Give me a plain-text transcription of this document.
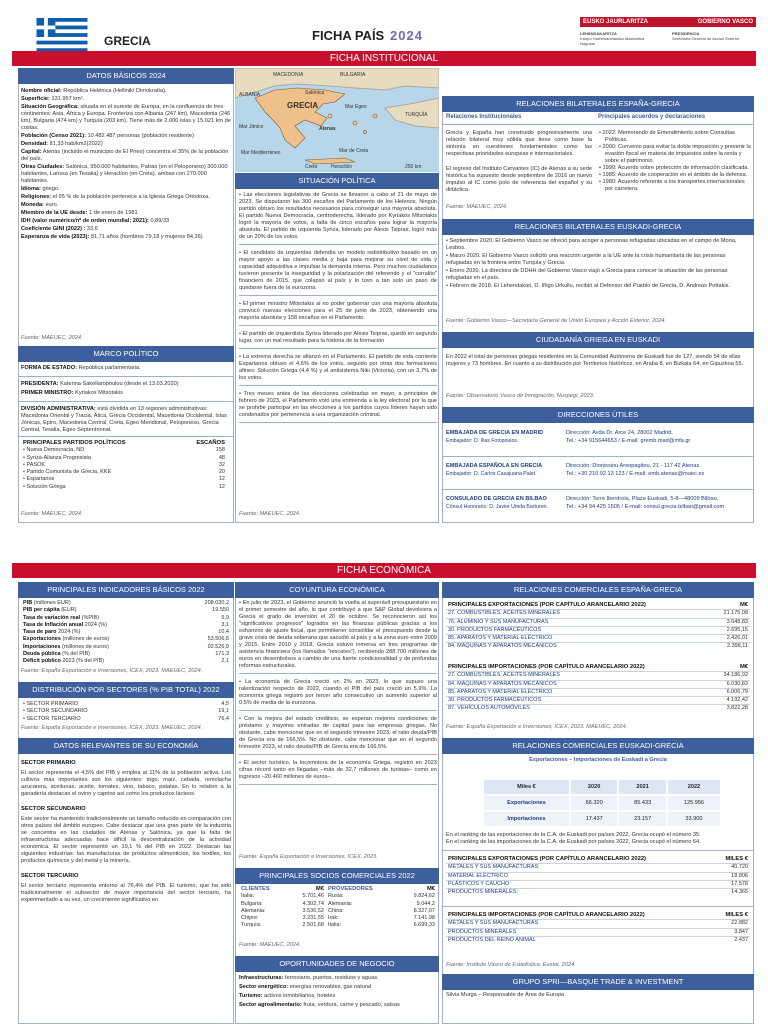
GRECIA	FICHA PAÍS 2024
EUSKO JAURLARITZA	GOBIERNO VASCO
LEHENDAKARITZA
Kanpo Harremanetarako Idazkaritza Nagusia
PRESIDENCIA
Secretaría General de Acción Exterior
FICHA INSTITUCIONAL
DATOS BÁSICOS 2024
Nombre oficial: República Helénica (Hellinikí Dimokratía).
Superficie: 131.957 km².
Situación Geográfica: situada en el sureste de Europa, en la confluencia de tres continentes: Asia, África y Europa. Fronteriza con Albania (247 km), Macedonia (246 km), Bulgaria (474 km) y Turquía (203 km). Tiene más de 2.000 islas y 15.021 km de costas.
Población (Censo 2021): 10.482.487 personas (población residente)
Densidad: 81,33 hab/km2(2022)
Capital: Atenas (incluido el municipio de El Pireo) concentra el 35% de la población del país.
Otras Ciudades: Salónica, 950.000 habitantes, Patras (en el Peloponeso) 300.000 habitantes, Larissa (en Tesalia) y Heraclion (en Creta), ambas con 270.000 habitantes.
Idioma: griego.
Religiones: el 95 % de la población pertenece a la Iglesia Griega Ortodoxa.
Moneda: euro.
Miembro de la UE desde: 1 de enero de 1981
IDH (valor numérico/nº de orden mundial; 2021): 0,89/33
Coeficiente GINI (2022) : 33,6
Esperanza de vida (2023): 81,71 años (hombres 79,18 y mujeres 84,36)
Fuente: MAEUEC, 2024.
MARCO POLÍTICO
FORMA DE ESTADO: República parlamentaria.
PRESIDENTA: Katerina Sakellaropoulou (desde el 13.03.2020)
PRIMER MINISTRO: Kyriakos Mitsotakis
DIVISIÓN ADMINISTRATIVA: está dividida en 13 regiones administrativas: Macedonia Oriental y Tracia, Ática, Grecia Occidental, Macedonia Occidental, Islas Jónicas, Epiro, Macedonia Central, Creta, Egeo Meridional, Peloponeso, Grecia Central, Tesalia, Egeo Septentrional.
PRINCIPALES PARTIDOS POLÍTICOS	ESCAÑOS
• Nueva Democracia, ND	158
• Syriza-Alianza Progresista	48
• PASOK	32
• Partido Comunista de Grecia, KKE	20
• Espartanos	12
• Solución Griega	12
Fuente: MAEUEC, 2024.
MACEDONIA	BULGARIA
ALBANIA
GRECIA	Mar Egeo
Salónica
Atenas
Mar Mediterráneo	Mar de Creta
Heraclión
Creta	250 km
TURQUÍA
Mar Jónico
SITUACIÓN POLÍTICA

• Las elecciones legislativas de Grecia se llevaron a cabo el 21 de mayo de 2023. Se disputaron las 300 escaños del Parlamento de los Helenos. Ningún partido obtuvo los resultados necesarios para conseguir una mayoría absoluta. El partido Nueva Democracia, centroderecha, liderado por Kyriakos Mitsotakis logró la mayoría de votos, a falta de cinco escaños para lograr la mayoría absoluta. El partido de izquierda Syriza, liderado por Alexis Tsipras, logró más de un 20% de los votos.

• El candidato de izquierdas defendía un modelo redistributivo basado en un mayor apoyo a las clases media y baja para mejorar su nivel de vida y capacidad adquisitiva e impulsar la demanda interna. Pero muchos ciudadanos tuvieron presente la inseguridad y la polarización del referendo y el "corralito" financiero de 2015, que colapsó al país y lo tuvo a tan solo un paso de quedarse fuera de la eurozona.

• El primer ministro Mitsotakis al no poder gobernar con una mayoría absoluta convocó nuevas elecciones para el 25 de junio de 2023, obteniendo una mayoría absoluta y 158 escaños en el Parlamento.

• El partido de izquierdista Syriza liderado por Alexis Tsipras, quedó en segundo lugar, con un mal resultado para la historia de la formación

• La extrema derecha se afianzó en el Parlamento. El partido de esta corriente Espartanos obtuvo el 4,6% de los votos, seguido por otras dos formaciones afines: Solución Griega (4,4 %) y el antisistema Niki (Victoria), con un 3,7% de los votos.

• Tres meses antes de las elecciones celebradas en mayo, a principios de febrero de 2023, el Parlamento votó una enmienda a la ley electoral por la que se prohíbe participar en las elecciones a los partidos cuyos líderes hayan sido condenados por pertenencia a una organización criminal.

Fuente: MAEUEC, 2024.
RELACIONES BILATERALES ESPAÑA-GRECIA
Relaciones Institucionales	Principales acuerdos y declaraciones

Grecia y España han construido progresivamente una relación bilateral muy sólida que tiene como base la sintonía en cuestiones fundamentales como las respectivas prioridades europeas e internacionales.

El regreso del Instituto Cervantes (IC) de Atenas a su sede histórica ha supuesto desde septiembre de 2016 un nuevo impulso al IC como polo de referencia del español y su didáctica.

• 2022: Memorando de Entendimiento sobre Consultas Políticas.
• 2000: Convenio para evitar la doble imposición y prevenir la evasión fiscal en materia de impuestos sobre la renta y sobre el patrimonio.
• 1990: Acuerdo sobre protección de información clasificada.
• 1985: Acuerdo de cooperación en el ámbito de la defensa.
• 1980: Acuerdo referente a los transportes internacionales por carretera.
Fuente: MAEUEC, 2024.
RELACIONES BILATERALES EUSKADI-GRECIA
• Septiembre 2020. El Gobierno Vasco se ofreció para acoger a personas refugiadas ubicadas en el campo de Moria, Lesbos.
• Marzo 2020. El Gobierno Vasco solicitó una reacción urgente a la UE ante la crisis humanitaria de las personas refugiadas en la frontera entre Turquía y Grecia.
• Enero 2020. La directora de DDHH del Gobierno Vasco viajó a Grecia para conocer la situación de las personas refugiadas en el país.
• Febrero de 2018. El Lehendakari, D. Iñigo Urkullu, recibió al Defensor del Pueblo de Grecia, D. Andreas Pottakis.
Fuente: Gobierno Vasco—Secretaría General de Unión Europea y Acción Exterior, 2024.
CIUDADANÍA GRIEGA EN EUSKADI
En 2022 el total de personas griegas residentes en la Comunidad Autónoma de Euskadi fue de 127, siendo 54 de ellas mujeres y 73 hombres. En cuanto a su distribución por Territorios históricos, en Araba 8, en Bizkaia 64; en Gipuzkoa 55.
Fuente: Observatorio Vasco de Inmigración, Nuspegi, 2023.
DIRECCIONES ÚTILES
EMBAJADA DE GRECIA EN MADRID
Embajador: D. Ilias Fotopoulos.
Dirección: Avda Dr. Arce 24, 28002 Madrid.
Tel.: +34 915644653 / E-mail: gremb.mad@mfa.gr
EMBAJADA ESPAÑOLA EN GRECIA
Embajador: D. Carlos Casajuana Palet.
Dirección: Dionissiou Areopagitou, 21 - 117 42 Atenas.
Tel.: +30 210 92 13 123 / E-mail: emb.atenas@maec.es
CONSULADO DE GRECIA EN BILBAO
Cónsul Honorario: D. Javier Umda Barturen.
Dirección: Torre Iberdrola, Plaza Euskadi, 5-8—48009 Bilbao.
Tel.: +34 94 425 1505 / E-mail: consul.grecia.bilbao@gmail.com
FICHA ECONÓMICA
PRINCIPALES INDICADORES BÁSICOS 2022
PIB (millones EUR)	208.030,2
PIB per cápita (EUR)	19.550
Tasa de variación real (%PIB)	5,9
Tasa de Inflación anual 2024 (%)	3,1
Tasa de paro 2024 (%)	10,4
Exportaciones (millones de euros)	53.506,8
Importaciones (millones de euros)	92.526,9
Deuda pública (% del PIB)	171,3
Déficit público 2023 (% del PIB)	2,1
Fuente: España Exportación e Inversiones, ICEX, 2023. MAEUEC, 2024.
DISTRIBUCIÓN POR SECTORES (% PIB TOTAL) 2022
• SECTOR PRIMARIO	4,5
• SECTOR SECUNDARIO	19,1
• SECTOR TERCIARIO	76,4
Fuente: España Exportación e Inversiones, ICEX, 2023. MAEUEC, 2024.
DATOS RELEVANTES DE SU ECONOMÍA
SECTOR PRIMARIO
El sector representa el 4,5% del PIB y emplea al 11% de la población activa. Los cultivos más importantes son los siguientes: trigo, maíz, cebada, remolacha azucarera, aceitunas, aceite, tomates, vino, tabaco, patatas. En lo relativo a la ganadería destacan el ovino y caprino así como los productos lácteos.
SECTOR SECUNDARIO
Este sector ha mantenido tradicionalmente un tamaño reducido en comparación con otros países del ámbito europeo. Cabe destacar que una gran parte de la industria se concentra en las ciudades de Atenas y Salónica, ya que la falta de infraestructuras adecuadas hace difícil la descentralización de la actividad económica. El sector representó un 19,1 % del PIB en 2022. Destacan las siguientes industrias: las manufacturas de productos alimenticios, los textiles, los productos químicos y del metal y la minería.
SECTOR TERCIARIO
El sector terciario representa entorno al 76,4% del PIB. El turismo, que ha sido tradicionalmente el subsector de mayor importancia del sector terciario, ha experimentado a su vez, un crecimiento significativo en
COYUNTURA ECONÓMICA

• En julio de 2023, el Gobierno anunció la vuelta al superávit presupuestario en el primer semestre del año, lo que contribuyó a que S&P Global devolviera a Grecia el grado de inversión el 20 de octubre. Se reconocieron así los "significativos progresos" logrados en las finanzas públicas gracias a los esfuerzos de ajuste fiscal, que permitieron consolidar el presupuesto desde la grave crisis de deuda soberana que sacudió al país y a la zona euro entre 2009 y 2015. Entre 2010 y 2018, Grecia estuvo inmersa en tres programas de asistencia financiera (los llamados "rescates"), recibiendo 288.700 millones de euros en desembolsos a cambio de una fuerte condicionalidad y de profundas reformas estructurales.

• La economía de Grecia creció un 2% en 2023, lo que supuso una ralentización respecto de 2022, cuando el PIB del país creció un 5,9%. La economía griega registró por tercer año consecutivo un aumento superior al 0,5% de media de la eurozona.

• Con la mejora del estado crediticio, se esperan mejores condiciones de préstamo y mayores entradas de capital para las empresas griegas. No obstante, cabe mencionar que en el segundo trimestre 2023, el ratio deuda/PIB de Grecia era de 166,5%. No obstante, cabe mencionar que en el segundo trimestre 2023, el ratio deuda/PIB de Grecia era de 166,5%.

• El sector turístico, la locomotora de la economía Griega, registró en 2023 cifras récord tanto en llegadas –más de 32,7 millones de turistas– como en ingresos –20.460 millones de euros–.

Fuente: España Exportación e Inversiones, ICEX, 2023.
PRINCIPALES SOCIOS COMERCIALES 2022
CLIENTES	M€	PROVEEDORES	M€
Italia:	5.701,46	Rusia:	9.824,62
Bulgaria:	4.302,74	Alemania:	9.044,2
Alemania:	3.536,52	China:	8.327,07
Chipre:	3.231,55	Irak:	7.141,98
Turquía:	2.501,68	Italia:	6.699,33
Fuente: MAEUEC, 2024.
OPORTUNIDADES DE NEGOCIO
Infraestructuras: ferroviario, puertos, residuos y aguas.
Sector energético: energías renovables, gas natural
Turismo: activos inmobiliarios, hoteles
Sector agroalimentario: fruta, verdura, carne y pescado, salsas
RELACIONES COMERCIALES ESPAÑA-GRECIA
PRINCIPALES EXPORTACIONES (POR CAPÍTULO ARANCELARIO 2022)	M€
27. COMBUSTIBLES, ACEITES MINERALES	21.175,08
76. ALUMINIO Y SUS MANUFACTURAS	3.048,83
30. PRODUCTOS FARMACÉUTICOS	2.695,15
85. APARATOS Y MATERIAL ELÉCTRICO	2.426,01
84. MÁQUINAS Y APARATOS MECÁNICOS	2.398,11
PRINCIPALES IMPORTACIONES (POR CAPÍTULO ARANCELARIO 2022)	M€
27. COMBUSTIBLES, ACEITES MINERALES	34.186,92
84. MÁQUINAS Y APARATOS MECÁNICOS	6.030,83
85. APARATOS Y MATERIAL ELÉCTRICO	6.006,79
30. PRODUCTOS FARMACÉUTICOS	4.192,42
87. VEHÍCULOS AUTOMÓVILES	3.822,28
Fuente: España Exportación e Inversiones, ICEX, 2023. MAEUEC, 2024.
RELACIONES COMERCIALES EUSKADI-GRECIA
Exportaciones – Importaciones de Euskadi a Grecia
Miles €	2020	2021	2022
Exportaciones	66.320	85.433	125.956
Importaciones	17.437	23.157	33.900
En el ranking de las exportaciones de la C.A. de Euskadi por países 2022, Grecia ocupó el número 35.
En el ranking de las importaciones de la C.A. de Euskadi por países 2022, Grecia ocupó el número 64.
PRINCIPALES EXPORTACIONES (POR CAPÍTULO ARANCELARIO 2022)	MILES €
METALES Y SUS MANUFACTURAS:	40.720
MATERIAL ELÉCTRICO	18.806
PLÁSTICOS Y CAUCHO	17.578
PRODUCTOS MINERALES:	14.365
PRINCIPALES IMPORTACIONES (POR CAPÍTULO ARANCELARIO 2022)	MILES €
METALES Y SUS MANUFACTURAS	22.882
PRODUCTOS MINERALES	3.847
PRODUCTOS DEL REINO ANIMAL	2.437
Fuente: Instituto Vasco de Estadística, Eustat, 2024.
GRUPO SPRI—BASQUE TRADE & INVESTMENT
Silvia Murga – Responsable de Área de Europa
